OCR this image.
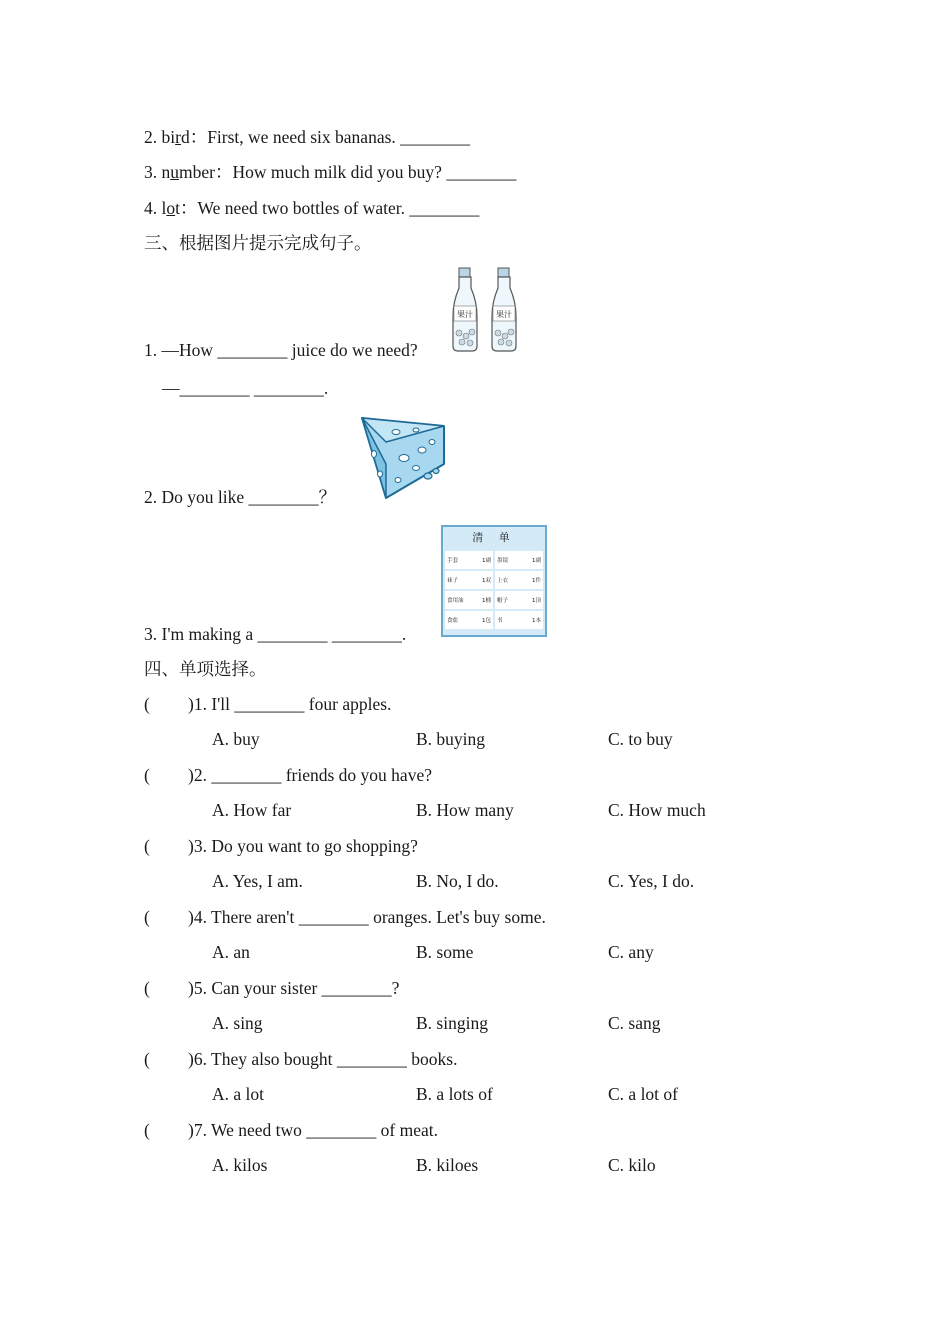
2. bird：First, we need six bananas. ________
3. number：How much milk did you buy? ________
4. lot：We need two bottles of water. ________
三、根据图片提示完成句子。
果汁	果汁
1. —How ________ juice do we need?
—________ ________.
2. Do you like ________？
清 单
手套	1副 墨镜	1副
袜子	1双 上衣	1件
食用油	1桶 帽子	1顶
食盐	1包 书	1本
3. I'm making a ________ ________.
四、单项选择。
( )1. I'll ________ four apples.
A. buy	B. buying	C. to buy
( )2. ________ friends do you have?
A. How far	B. How many	C. How much
( )3. Do you want to go shopping?
A. Yes, I am.	B. No, I do.	C. Yes, I do.
( )4. There aren't ________ oranges. Let's buy some.
A. an	B. some	C. any
( )5. Can your sister ________?
A. sing	B. singing	C. sang
( )6. They also bought ________ books.
A. a lot	B. a lots of	C. a lot of
( )7. We need two ________ of meat.
A. kilos	B. kiloes	C. kilo
